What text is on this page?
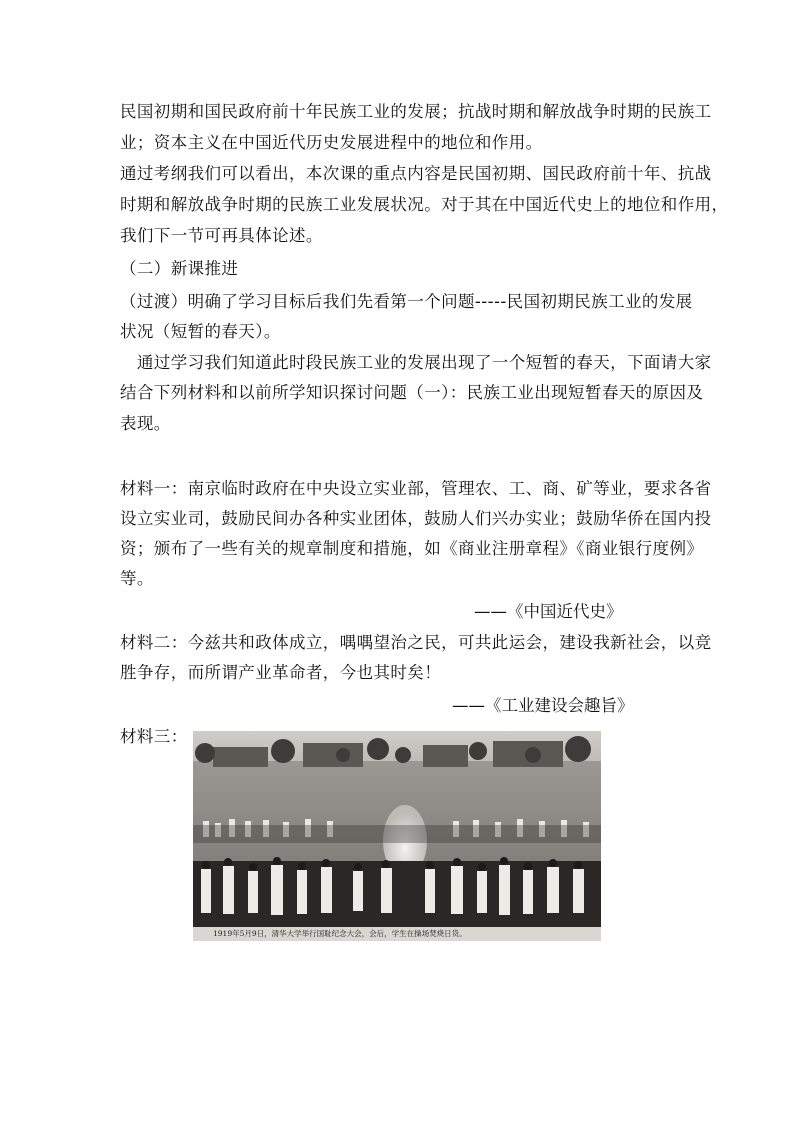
民国初期和国民政府前十年民族工业的发展；抗战时期和解放战争时期的民族工
业；资本主义在中国近代历史发展进程中的地位和作用。
通过考纲我们可以看出，本次课的重点内容是民国初期、国民政府前十年、抗战
时期和解放战争时期的民族工业发展状况。对于其在中国近代史上的地位和作用，
我们下一节可再具体论述。
（二）新课推进
（过渡）明确了学习目标后我们先看第一个问题-----民国初期民族工业的发展
状况（短暂的春天）。
　通过学习我们知道此时段民族工业的发展出现了一个短暂的春天，下面请大家
结合下列材料和以前所学知识探讨问题（一）：民族工业出现短暂春天的原因及
表现。
材料一：南京临时政府在中央设立实业部，管理农、工、商、矿等业，要求各省
设立实业司，鼓励民间办各种实业团体，鼓励人们兴办实业；鼓励华侨在国内投
资；颁布了一些有关的规章制度和措施，如《商业注册章程》《商业银行度例》
等。
——《中国近代史》
材料二：今兹共和政体成立，喁喁望治之民，可共此运会，建设我新社会，以竞
胜争存，而所谓产业革命者，今也其时矣！
——《工业建设会趣旨》
材料三：
1919年5月9日，清华大学举行国耻纪念大会，会后，学生在操场焚烧日货。
